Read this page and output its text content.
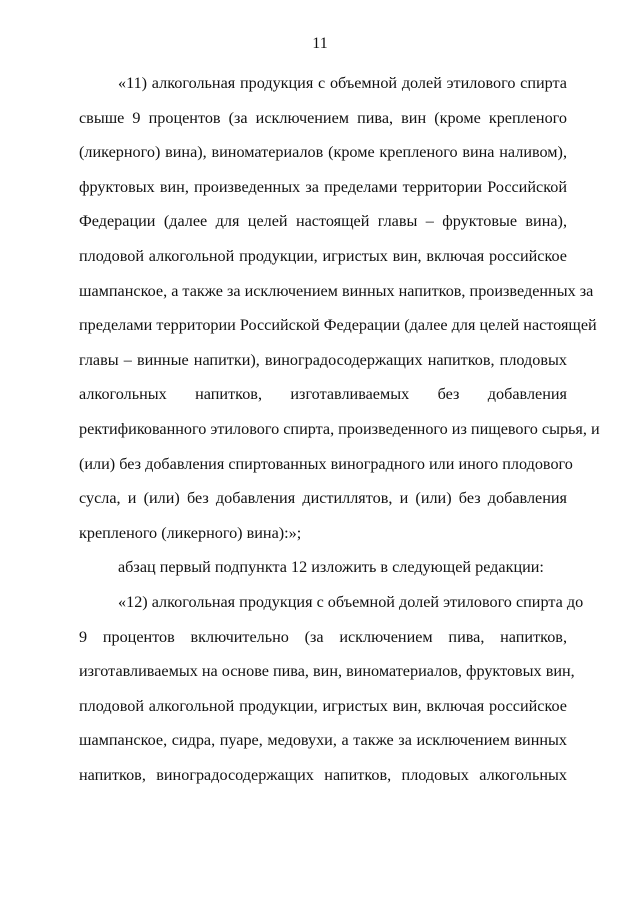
11
«11) алкогольная продукция с объемной долей этилового спирта
свыше 9 процентов (за исключением пива, вин (кроме крепленого
(ликерного) вина), виноматериалов (кроме крепленого вина наливом),
фруктовых вин, произведенных за пределами территории Российской
Федерации (далее для целей настоящей главы – фруктовые вина),
плодовой алкогольной продукции, игристых вин, включая российское
шампанское, а также за исключением винных напитков, произведенных за
пределами территории Российской Федерации (далее для целей настоящей
главы – винные напитки), виноградосодержащих напитков, плодовых
алкогольных напитков, изготавливаемых без добавления
ректификованного этилового спирта, произведенного из пищевого сырья, и
(или) без добавления спиртованных виноградного или иного плодового
сусла, и (или) без добавления дистиллятов, и (или) без добавления
крепленого (ликерного) вина):»;
абзац первый подпункта 12 изложить в следующей редакции:
«12) алкогольная продукция с объемной долей этилового спирта до
9 процентов включительно (за исключением пива, напитков,
изготавливаемых на основе пива, вин, виноматериалов, фруктовых вин,
плодовой алкогольной продукции, игристых вин, включая российское
шампанское, сидра, пуаре, медовухи, а также за исключением винных
напитков, виноградосодержащих напитков, плодовых алкогольных
